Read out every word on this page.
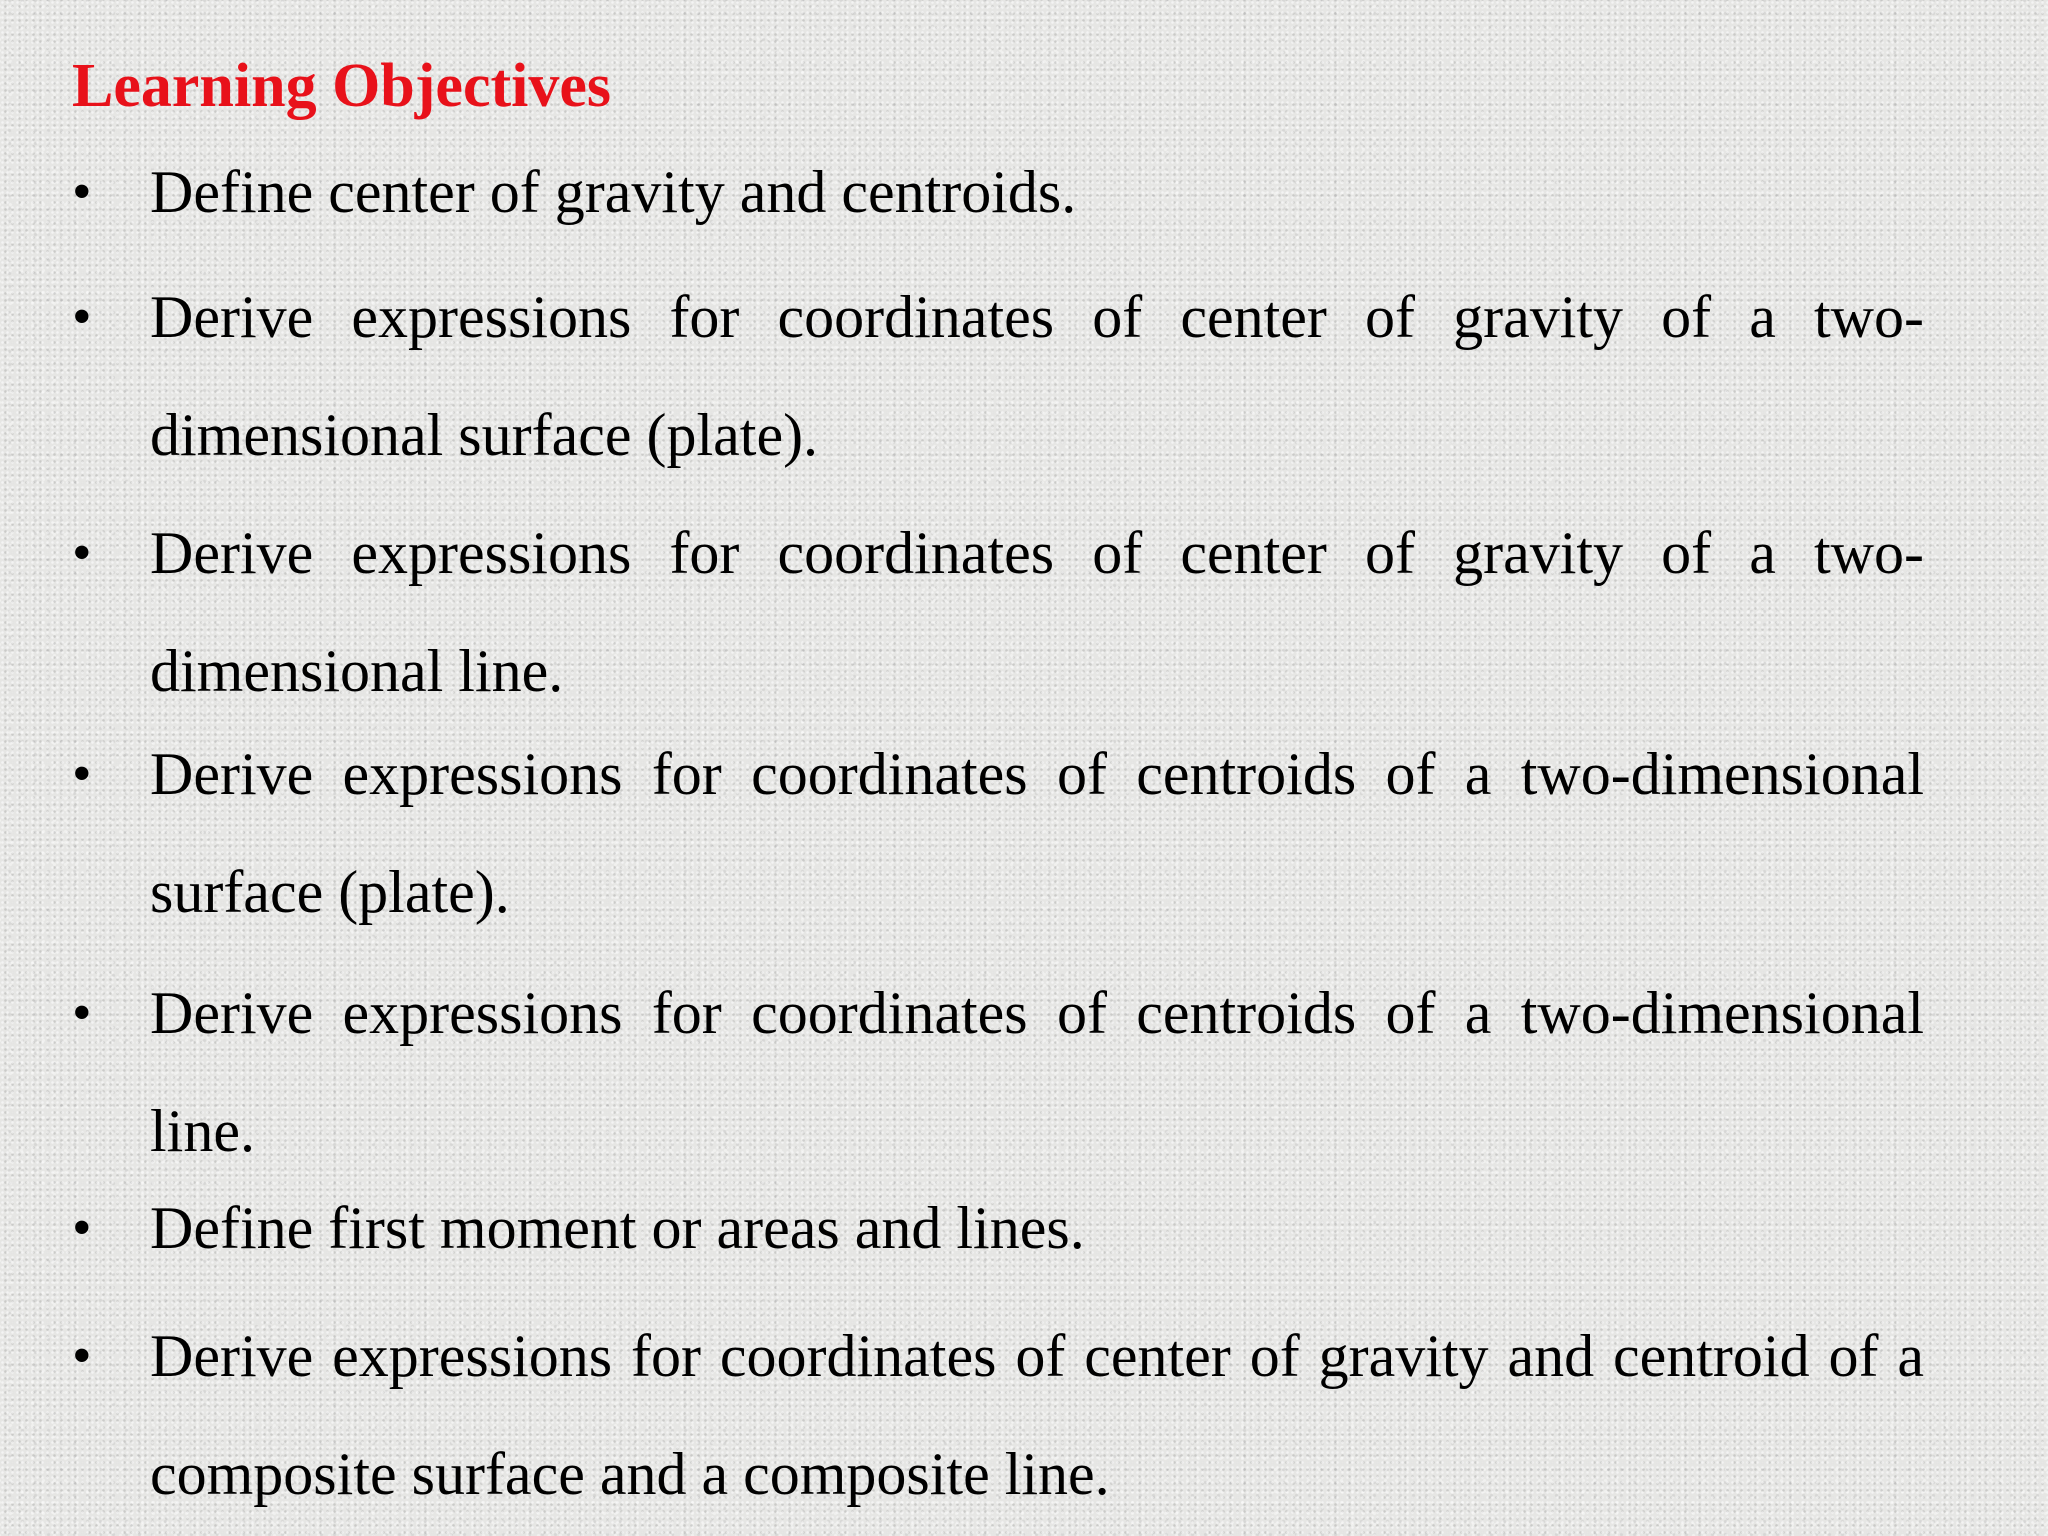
Learning Objectives
• Define center of gravity and centroids.
• Derive expressions for coordinates of center of gravity of a two-dimensional surface (plate).
• Derive expressions for coordinates of center of gravity of a two-dimensional line.
• Derive expressions for coordinates of centroids of a two-dimensional surface (plate).
• Derive expressions for coordinates of centroids of a two-dimensional line.
• Define first moment or areas and lines.
• Derive expressions for coordinates of center of gravity and centroid of a composite surface and a composite line.
